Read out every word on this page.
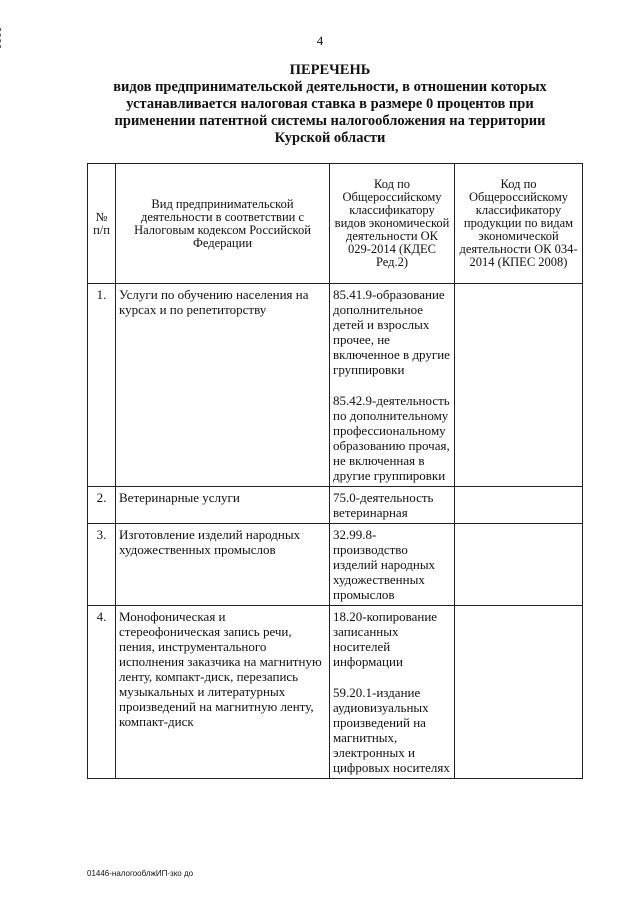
4
ПЕРЕЧЕНЬ
видов предпринимательской деятельности, в отношении которых устанавливается налоговая ставка в размере 0 процентов при применении патентной системы налогообложения на территории Курской области
№ п/п	Вид предпринимательской деятельности в соответствии с Налоговым кодексом Российской Федерации	Код по Общероссийскому классификатору видов экономической деятельности ОК 029-2014 (КДЕС Ред.2)	Код по Общероссийскому классификатору продукции по видам экономической деятельности ОК 034-2014 (КПЕС 2008)
1.	Услуги по обучению населения на курсах и по репетиторству	85.41.9-образование дополнительное детей и взрослых прочее, не включенное в другие группировки
85.42.9-деятельность по дополнительному профессиональному образованию прочая, не включенная в другие группировки	

2.	Ветеринарные услуги	75.0-деятельность ветеринарная	

3.	Изготовление изделий народных художественных промыслов	32.99.8-производство изделий народных художественных промыслов	

4.	Монофоническая и стереофоническая запись речи, пения, инструментального исполнения заказчика на магнитную ленту, компакт-диск, перезапись музыкальных и литературных произведений на магнитную ленту, компакт-диск	18.20-копирование записанных носителей информации
59.20.1-издание аудиовизуальных произведений на магнитных, электронных и цифровых носителях	

01446-налогооблжИП-зко до
